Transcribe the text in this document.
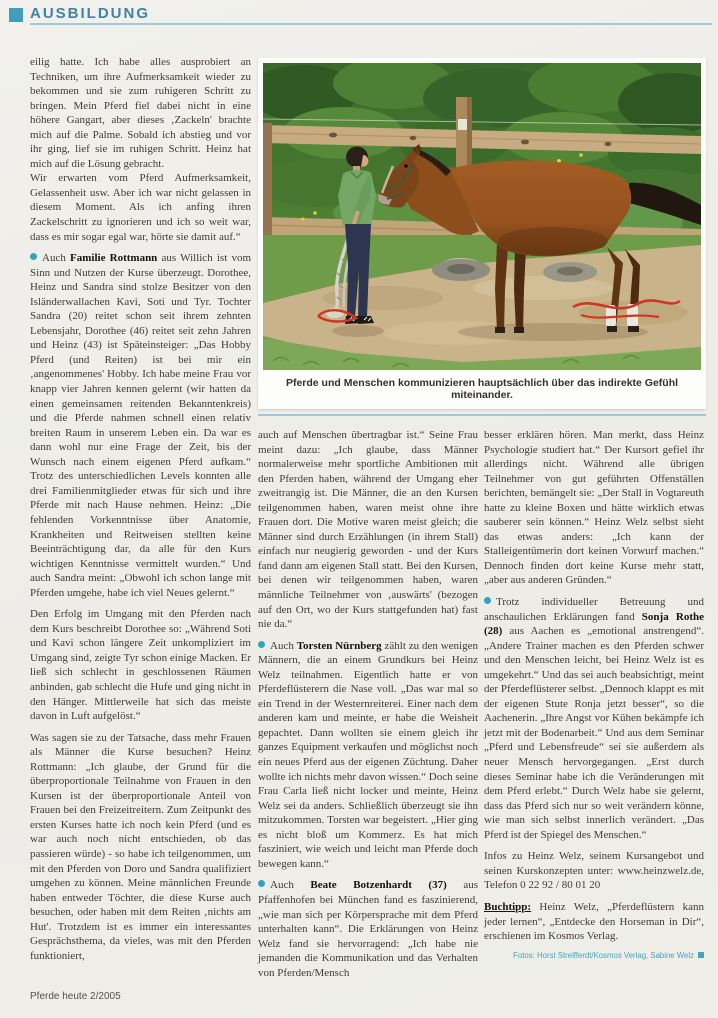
AUSBILDUNG

eilig hatte. Ich habe alles ausprobiert an Techniken, um ihre Aufmerksamkeit wieder zu bekommen und sie zum ruhigeren Schritt zu bringen. Mein Pferd fiel dabei nicht in eine höhere Gangart, aber dieses ‚Zackeln' brachte mich auf die Palme. Sobald ich abstieg und vor ihr ging, lief sie im ruhigen Schritt. Heinz hat mich auf die Lösung gebracht.

Wir erwarten vom Pferd Aufmerksamkeit, Gelassenheit usw. Aber ich war nicht gelassen in diesem Moment. Als ich anfing ihren Zackelschritt zu ignorieren und ich so weit war, dass es mir sogar egal war, hörte sie damit auf.“

Auch Familie Rottmann aus Willich ist vom Sinn und Nutzen der Kurse überzeugt. Dorothee, Heinz und Sandra sind stolze Besitzer von den Isländerwallachen Kavi, Soti und Tyr. Tochter Sandra (20) reitet schon seit ihrem zehnten Lebensjahr, Dorothee (46) reitet seit zehn Jahren und Heinz (43) ist Späteinsteiger: „Das Hobby Pferd (und Reiten) ist bei mir ein ‚angenommenes' Hobby. Ich habe meine Frau vor knapp vier Jahren kennen gelernt (wir hatten da einen gemeinsamen reitenden Bekanntenkreis) und die Pferde nahmen schnell einen relativ breiten Raum in unserem Leben ein. Da war es dann wohl nur eine Frage der Zeit, bis der Wunsch nach einem eigenen Pferd aufkam.“ Trotz des unterschiedlichen Levels konnten alle drei Familienmitglieder etwas für sich und ihre Pferde mit nach Hause nehmen. Heinz: „Die fehlenden Vorkenntnisse über Anatomie, Krankheiten und Reitweisen stellten keine Beeinträchtigung dar, da alle für den Kurs wichtigen Kenntnisse vermittelt wurden.“ Und auch Sandra meint: „Obwohl ich schon lange mit Pferden umgehe, habe ich viel Neues gelernt.“

Den Erfolg im Umgang mit den Pferden nach dem Kurs beschreibt Dorothee so: „Während Soti und Kavi schon längere Zeit unkompliziert im Umgang sind, zeigte Tyr schon einige Macken. Er ließ sich schlecht in geschlossenen Räumen anbinden, gab schlecht die Hufe und ging nicht in den Hänger. Mittlerweile hat sich das meiste davon in Luft aufgelöst.“

Was sagen sie zu der Tatsache, dass mehr Frauen als Männer die Kurse besuchen? Heinz Rottmann: „Ich glaube, der Grund für die überproportionale Teilnahme von Frauen in den Kursen ist der überproportionale Anteil von Frauen bei den Freizeitreitern. Zum Zeitpunkt des ersten Kurses hatte ich noch kein Pferd (und es war auch noch nicht entschieden, ob das passieren würde) - so habe ich teilgenommen, um mit den Pferden von Doro und Sandra qualifiziert umgehen zu können. Meine männlichen Freunde haben entweder Töchter, die diese Kurse auch besuchen, oder haben mit dem Reiten ‚nichts am Hut'. Trotzdem ist es immer ein interessantes Gesprächsthema, da vieles, was mit den Pferden funktioniert,

Pferde und Menschen kommunizieren hauptsächlich über das indirekte Gefühl miteinander.

auch auf Menschen übertragbar ist.“ Seine Frau meint dazu: „Ich glaube, dass Männer normalerweise mehr sportliche Ambitionen mit den Pferden haben, während der Umgang eher zweitrangig ist. Die Männer, die an den Kursen teilgenommen haben, waren meist ohne ihre Frauen dort. Die Motive waren meist gleich; die Männer sind durch Erzählungen (in ihrem Stall) einfach nur neugierig geworden - und der Kurs fand dann am eigenen Stall statt. Bei den Kursen, bei denen wir teilgenommen haben, waren männliche Teilnehmer von ‚auswärts' (bezogen auf den Ort, wo der Kurs stattgefunden hat) fast nie da.“

Auch Torsten Nürnberg zählt zu den wenigen Männern, die an einem Grundkurs bei Heinz Welz teilnahmen. Eigentlich hatte er von Pferdeflüsterern die Nase voll. „Das war mal so ein Trend in der Westernreiterei. Einer nach dem anderen kam und meinte, er habe die Weisheit gepachtet. Dann wollten sie einem gleich ihr ganzes Equipment verkaufen und möglichst noch ein neues Pferd aus der eigenen Züchtung. Daher wollte ich nichts mehr davon wissen.“ Doch seine Frau Carla ließ nicht locker und meinte, Heinz Welz sei da anders. Schließlich überzeugt sie ihn mitzukommen. Torsten war begeistert. „Hier ging es nicht bloß um Kommerz. Es hat mich fasziniert, wie weich und leicht man Pferde doch bewegen kann.“

Auch Beate Botzenhardt (37) aus Pfaffenhofen bei München fand es faszinierend, „wie man sich per Körpersprache mit dem Pferd unterhalten kann“. Die Erklärungen von Heinz Welz fand sie hervorragend: „Ich habe nie jemanden die Kommunikation und das Verhalten von Pferden/Mensch

besser erklären hören. Man merkt, dass Heinz Psychologie studiert hat.“ Der Kursort gefiel ihr allerdings nicht. Während alle übrigen Teilnehmer von gut geführten Offenställen berichten, bemängelt sie: „Der Stall in Vogtareuth hatte zu kleine Boxen und hätte wirklich etwas sauberer sein können.“ Heinz Welz selbst sieht das etwas anders: „Ich kann der Stalleigentümerin dort keinen Vorwurf machen.“ Dennoch finden dort keine Kurse mehr statt, „aber aus anderen Gründen.“

Trotz individueller Betreuung und anschaulichen Erklärungen fand Sonja Rothe (28) aus Aachen es „emotional anstrengend“. „Andere Trainer machen es den Pferden schwer und den Menschen leicht, bei Heinz Welz ist es umgekehrt.“ Und das sei auch beabsichtigt, meint der Pferdeflüsterer selbst. „Dennoch klappt es mit der eigenen Stute Ronja jetzt besser“, so die Aachenerin. „Ihre Angst vor Kühen bekämpfe ich jetzt mit der Bodenarbeit.“ Und aus dem Seminar „Pferd und Lebensfreude“ sei sie außerdem als neuer Mensch hervorgegangen. „Erst durch dieses Seminar habe ich die Veränderungen mit dem Pferd erlebt.“ Durch Welz habe sie gelernt, dass das Pferd sich nur so weit verändern könne, wie man sich selbst innerlich verändert. „Das Pferd ist der Spiegel des Menschen.“

Infos zu Heinz Welz, seinem Kursangebot und seinen Kurskonzepten unter: www.heinzwelz.de, Telefon 0 22 92 / 80 01 20

Buchtipp: Heinz Welz, „Pferdeflüstern kann jeder lernen“, „Entdecke den Horseman in Dir“, erschienen im Kosmos Verlag.

Fotos: Horst Streifferdt/Kosmos Verlag, Sabine Welz
Pferde heute 2/2005
